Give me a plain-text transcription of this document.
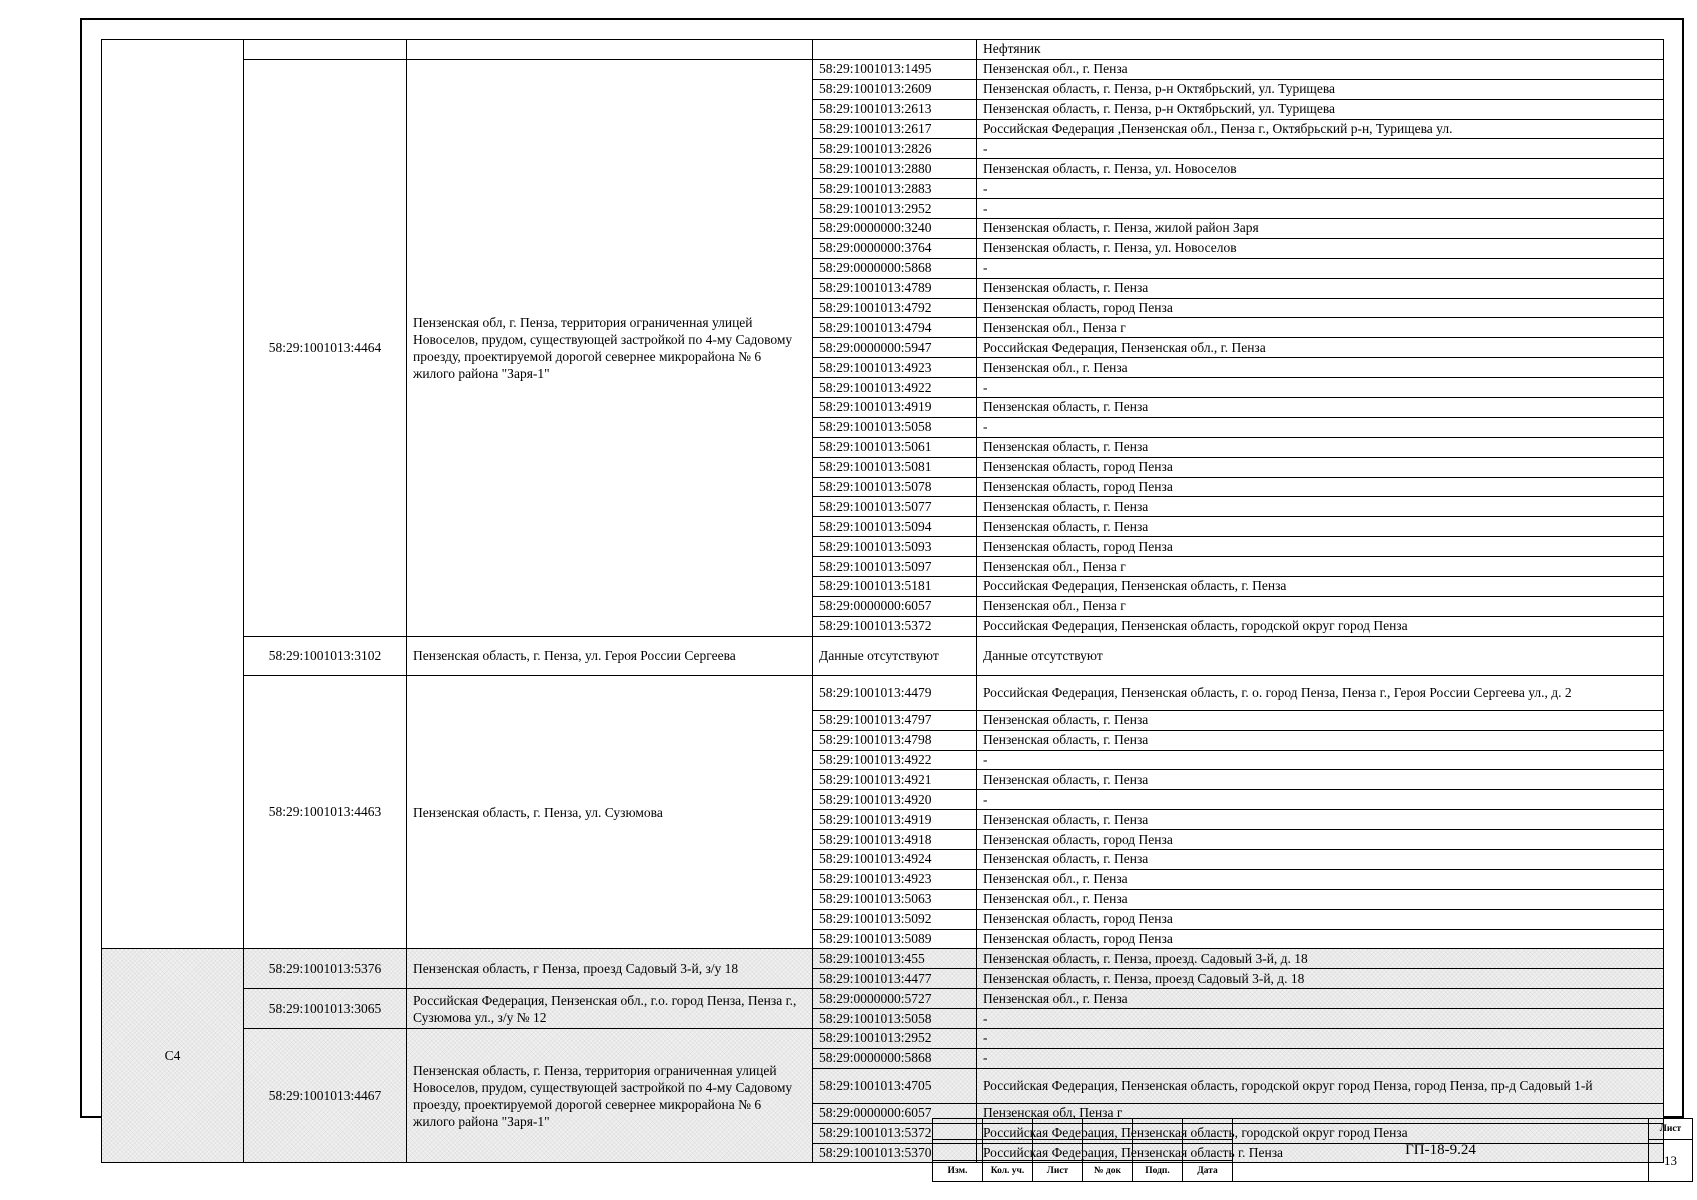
				Нефтяник
	58:29:1001013:4464	Пензенская обл, г. Пенза, территория ограниченная улицей Новоселов, прудом, существующей застройкой по 4-му Садовому проезду, проектируемой дорогой севернее микрорайона № 6 жилого района "Заря-1"	58:29:1001013:1495	Пензенская обл., г. Пенза
			58:29:1001013:2609	Пензенская область, г. Пенза, р-н Октябрьский, ул. Турищева
			58:29:1001013:2613	Пензенская область, г. Пенза, р-н Октябрьский, ул. Турищева
			58:29:1001013:2617	Российская Федерация ,Пензенская обл., Пенза г., Октябрьский р-н, Турищева ул.
			58:29:1001013:2826	-
			58:29:1001013:2880	Пензенская область, г. Пенза, ул. Новоселов
			58:29:1001013:2883	-
			58:29:1001013:2952	-
			58:29:0000000:3240	Пензенская область, г. Пенза, жилой район Заря
			58:29:0000000:3764	Пензенская область, г. Пенза, ул. Новоселов
			58:29:0000000:5868	-
			58:29:1001013:4789	Пензенская область, г. Пенза
			58:29:1001013:4792	Пензенская область, город Пенза
			58:29:1001013:4794	Пензенская обл., Пенза г
			58:29:0000000:5947	Российская Федерация, Пензенская обл., г. Пенза
			58:29:1001013:4923	Пензенская обл., г. Пенза
			58:29:1001013:4922	-
			58:29:1001013:4919	Пензенская область, г. Пенза
			58:29:1001013:5058	-
			58:29:1001013:5061	Пензенская область, г. Пенза
			58:29:1001013:5081	Пензенская область, город Пенза
			58:29:1001013:5078	Пензенская область, город Пенза
			58:29:1001013:5077	Пензенская область, г. Пенза
			58:29:1001013:5094	Пензенская область, г. Пенза
			58:29:1001013:5093	Пензенская область, город Пенза
			58:29:1001013:5097	Пензенская обл., Пенза г
			58:29:1001013:5181	Российская Федерация, Пензенская область, г. Пенза
			58:29:0000000:6057	Пензенская обл., Пенза г
			58:29:1001013:5372	Российская Федерация, Пензенская область, городской округ город Пенза
	58:29:1001013:3102	Пензенская область, г. Пенза, ул. Героя России Сергеева	Данные отсутствуют	Данные отсутствуют
	58:29:1001013:4463	Пензенская область, г. Пенза, ул. Сузюмова	58:29:1001013:4479	Российская Федерация, Пензенская область, г. о. город Пенза, Пенза г., Героя России Сергеева ул., д. 2
			58:29:1001013:4797	Пензенская область, г. Пенза
			58:29:1001013:4798	Пензенская область, г. Пенза
			58:29:1001013:4922	-
			58:29:1001013:4921	Пензенская область, г. Пенза
			58:29:1001013:4920	-
			58:29:1001013:4919	Пензенская область, г. Пенза
			58:29:1001013:4918	Пензенская область, город Пенза
			58:29:1001013:4924	Пензенская область, г. Пенза
			58:29:1001013:4923	Пензенская обл., г. Пенза
			58:29:1001013:5063	Пензенская обл., г. Пенза
			58:29:1001013:5092	Пензенская область, город Пенза
			58:29:1001013:5089	Пензенская область, город Пенза
С4	58:29:1001013:5376	Пензенская область, г Пенза, проезд Садовый 3-й, з/у 18	58:29:1001013:455	Пензенская область, г. Пенза, проезд. Садовый 3-й, д. 18
			58:29:1001013:4477	Пензенская область, г. Пенза, проезд Садовый 3-й, д. 18
	58:29:1001013:3065	Российская Федерация, Пензенская обл., г.о. город Пенза, Пенза г., Сузюмова ул., з/у № 12	58:29:0000000:5727	Пензенская обл., г. Пенза
			58:29:1001013:5058	-
	58:29:1001013:4467	Пензенская область, г. Пенза, территория ограниченная улицей Новоселов, прудом, существующей застройкой по 4-му Садовому проезду, проектируемой дорогой севернее микрорайона № 6 жилого района "Заря-1"	58:29:1001013:2952	-
			58:29:0000000:5868	-
			58:29:1001013:4705	Российская Федерация, Пензенская область, городской округ город Пенза, город Пенза, пр-д Садовый 1-й
			58:29:0000000:6057	Пензенская обл, Пенза г
			58:29:1001013:5372	Российская Федерация, Пензенская область, городской округ город Пенза
			58:29:1001013:5370	Российская Федерация, Пензенская область г. Пенза
							ГП-18-9.24	Лист
							13
Изм.	Кол. уч.	Лист	№ док	Подп.	Дата		
